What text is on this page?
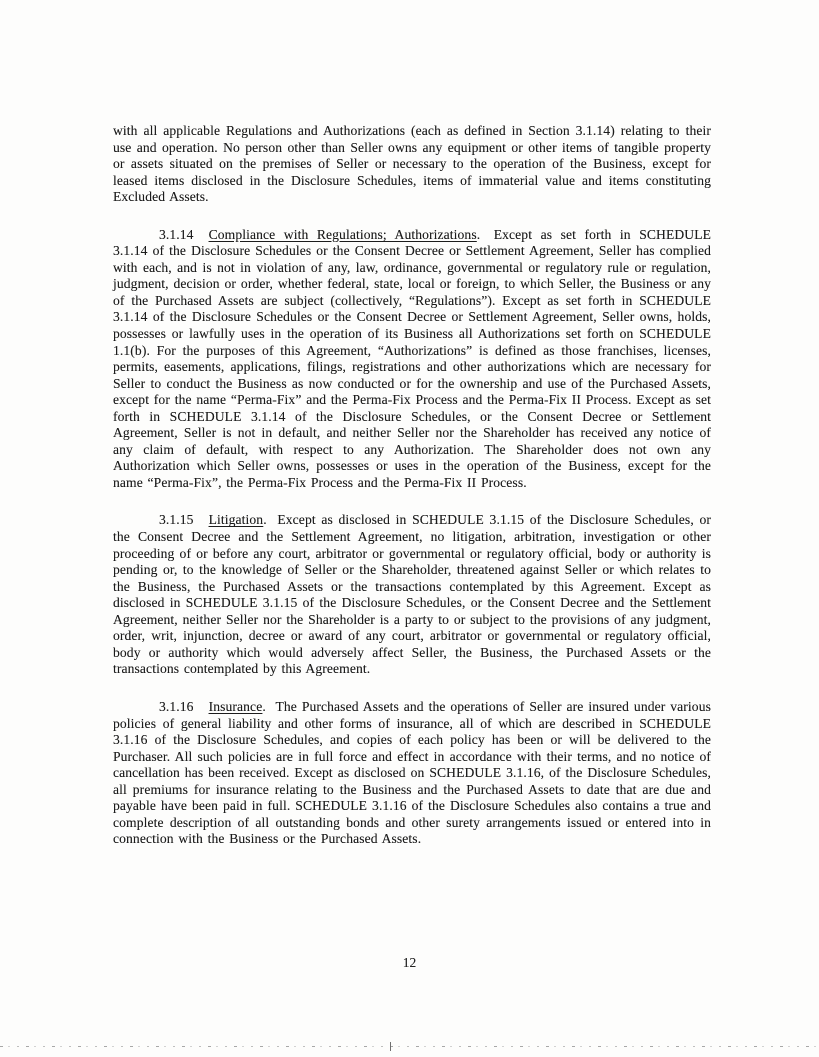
with all applicable Regulations and Authorizations (each as defined in Section 3.1.14) relating to their use and operation. No person other than Seller owns any equipment or other items of tangible property or assets situated on the premises of Seller or necessary to the operation of the Business, except for leased items disclosed in the Disclosure Schedules, items of immaterial value and items constituting Excluded Assets.

3.1.14 Compliance with Regulations; Authorizations. Except as set forth in SCHEDULE 3.1.14 of the Disclosure Schedules or the Consent Decree or Settlement Agreement, Seller has complied with each, and is not in violation of any, law, ordinance, governmental or regulatory rule or regulation, judgment, decision or order, whether federal, state, local or foreign, to which Seller, the Business or any of the Purchased Assets are subject (collectively, “Regulations”). Except as set forth in SCHEDULE 3.1.14 of the Disclosure Schedules or the Consent Decree or Settlement Agreement, Seller owns, holds, possesses or lawfully uses in the operation of its Business all Authorizations set forth on SCHEDULE 1.1(b). For the purposes of this Agreement, “Authorizations” is defined as those franchises, licenses, permits, easements, applications, filings, registrations and other authorizations which are necessary for Seller to conduct the Business as now conducted or for the ownership and use of the Purchased Assets, except for the name “Perma-Fix” and the Perma-Fix Process and the Perma-Fix II Process. Except as set forth in SCHEDULE 3.1.14 of the Disclosure Schedules, or the Consent Decree or Settlement Agreement, Seller is not in default, and neither Seller nor the Shareholder has received any notice of any claim of default, with respect to any Authorization. The Shareholder does not own any Authorization which Seller owns, possesses or uses in the operation of the Business, except for the name “Perma-Fix”, the Perma-Fix Process and the Perma-Fix II Process.

3.1.15 Litigation. Except as disclosed in SCHEDULE 3.1.15 of the Disclosure Schedules, or the Consent Decree and the Settlement Agreement, no litigation, arbitration, investigation or other proceeding of or before any court, arbitrator or governmental or regulatory official, body or authority is pending or, to the knowledge of Seller or the Shareholder, threatened against Seller or which relates to the Business, the Purchased Assets or the transactions contemplated by this Agreement. Except as disclosed in SCHEDULE 3.1.15 of the Disclosure Schedules, or the Consent Decree and the Settlement Agreement, neither Seller nor the Shareholder is a party to or subject to the provisions of any judgment, order, writ, injunction, decree or award of any court, arbitrator or governmental or regulatory official, body or authority which would adversely affect Seller, the Business, the Purchased Assets or the transactions contemplated by this Agreement.

3.1.16 Insurance. The Purchased Assets and the operations of Seller are insured under various policies of general liability and other forms of insurance, all of which are described in SCHEDULE 3.1.16 of the Disclosure Schedules, and copies of each policy has been or will be delivered to the Purchaser. All such policies are in full force and effect in accordance with their terms, and no notice of cancellation has been received. Except as disclosed on SCHEDULE 3.1.16, of the Disclosure Schedules, all premiums for insurance relating to the Business and the Purchased Assets to date that are due and payable have been paid in full. SCHEDULE 3.1.16 of the Disclosure Schedules also contains a true and complete description of all outstanding bonds and other surety arrangements issued or entered into in connection with the Business or the Purchased Assets.

12
